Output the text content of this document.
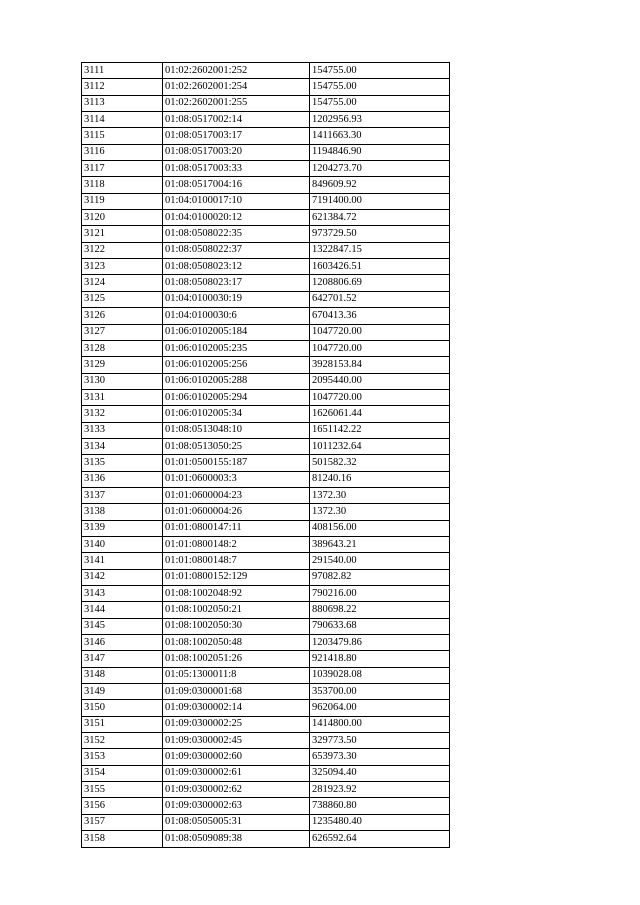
3111	01:02:2602001:252	154755.00
3112	01:02:2602001:254	154755.00
3113	01:02:2602001:255	154755.00
3114	01:08:0517002:14	1202956.93
3115	01:08:0517003:17	1411663.30
3116	01:08:0517003:20	1194846.90
3117	01:08:0517003:33	1204273.70
3118	01:08:0517004:16	849609.92
3119	01:04:0100017:10	7191400.00
3120	01:04:0100020:12	621384.72
3121	01:08:0508022:35	973729.50
3122	01:08:0508022:37	1322847.15
3123	01:08:0508023:12	1603426.51
3124	01:08:0508023:17	1208806.69
3125	01:04:0100030:19	642701.52
3126	01:04:0100030:6	670413.36
3127	01:06:0102005:184	1047720.00
3128	01:06:0102005:235	1047720.00
3129	01:06:0102005:256	3928153.84
3130	01:06:0102005:288	2095440.00
3131	01:06:0102005:294	1047720.00
3132	01:06:0102005:34	1626061.44
3133	01:08:0513048:10	1651142.22
3134	01:08:0513050:25	1011232.64
3135	01:01:0500155:187	501582.32
3136	01:01:0600003:3	81240.16
3137	01:01:0600004:23	1372.30
3138	01:01:0600004:26	1372.30
3139	01:01:0800147:11	408156.00
3140	01:01:0800148:2	389643.21
3141	01:01:0800148:7	291540.00
3142	01:01:0800152:129	97082.82
3143	01:08:1002048:92	790216.00
3144	01:08:1002050:21	880698.22
3145	01:08:1002050:30	790633.68
3146	01:08:1002050:48	1203479.86
3147	01:08:1002051:26	921418.80
3148	01:05:1300011:8	1039028.08
3149	01:09:0300001:68	353700.00
3150	01:09:0300002:14	962064.00
3151	01:09:0300002:25	1414800.00
3152	01:09:0300002:45	329773.50
3153	01:09:0300002:60	653973.30
3154	01:09:0300002:61	325094.40
3155	01:09:0300002:62	281923.92
3156	01:09:0300002:63	738860.80
3157	01:08:0505005:31	1235480.40
3158	01:08:0509089:38	626592.64
